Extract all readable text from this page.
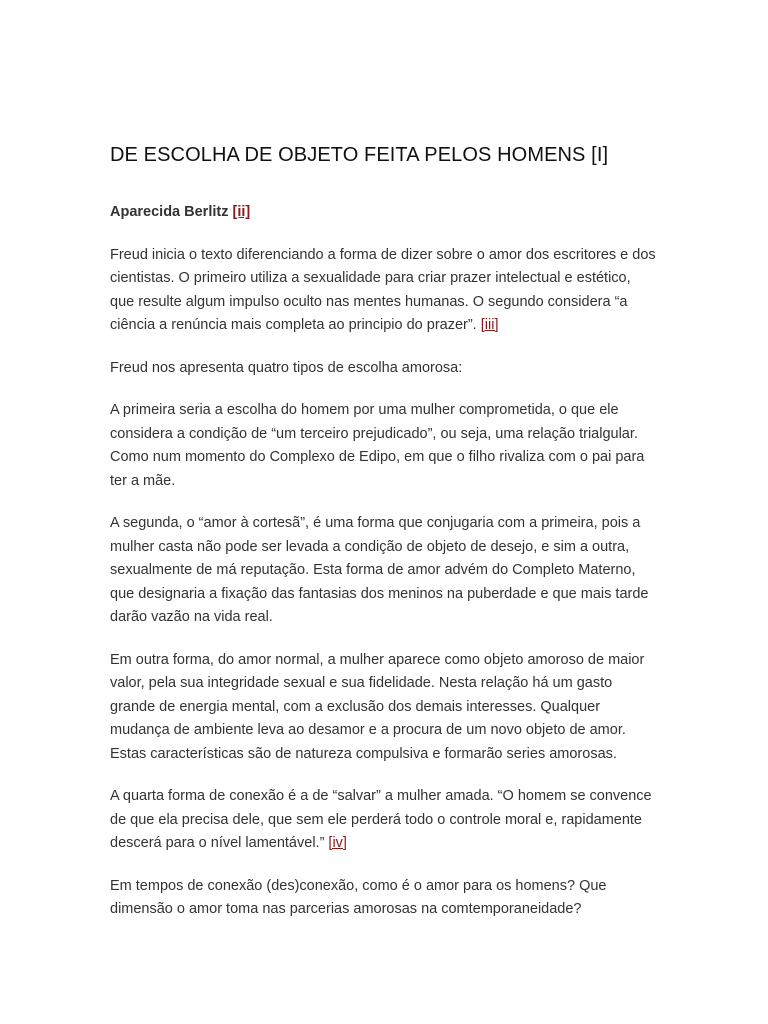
DE ESCOLHA DE OBJETO FEITA PELOS HOMENS [I]

Aparecida Berlitz [ii]

Freud inicia o texto diferenciando a forma de dizer sobre o amor dos escritores e dos cientistas. O primeiro utiliza a sexualidade para criar prazer intelectual e estético, que resulte algum impulso oculto nas mentes humanas. O segundo considera “a ciência a renúncia mais completa ao principio do prazer”. [iii]

Freud nos apresenta quatro tipos de escolha amorosa:

A primeira seria a escolha do homem por uma mulher comprometida, o que ele considera a condição de “um terceiro prejudicado”, ou seja, uma relação trialgular. Como num momento do Complexo de Edipo, em que o filho rivaliza com o pai para ter a mãe.

A segunda, o “amor à cortesã”, é uma forma que conjugaria com a primeira, pois a mulher casta não pode ser levada a condição de objeto de desejo, e sim a outra, sexualmente de má reputação. Esta forma de amor advém do Completo Materno, que designaria a fixação das fantasias dos meninos na puberdade e que mais tarde darão vazão na vida real.

Em outra forma, do amor normal, a mulher aparece como objeto amoroso de maior valor, pela sua integridade sexual e sua fidelidade. Nesta relação há um gasto grande de energia mental, com a exclusão dos demais interesses. Qualquer mudança de ambiente leva ao desamor e a procura de um novo objeto de amor. Estas características são de natureza compulsiva e formarão series amorosas.

A quarta forma de conexão é a de “salvar” a mulher amada. “O homem se convence de que ela precisa dele, que sem ele perderá todo o controle moral e, rapidamente descerá para o nível lamentável.” [iv]

Em tempos de conexão (des)conexão, como é o amor para os homens? Que dimensão o amor toma nas parcerias amorosas na comtemporaneidade?
